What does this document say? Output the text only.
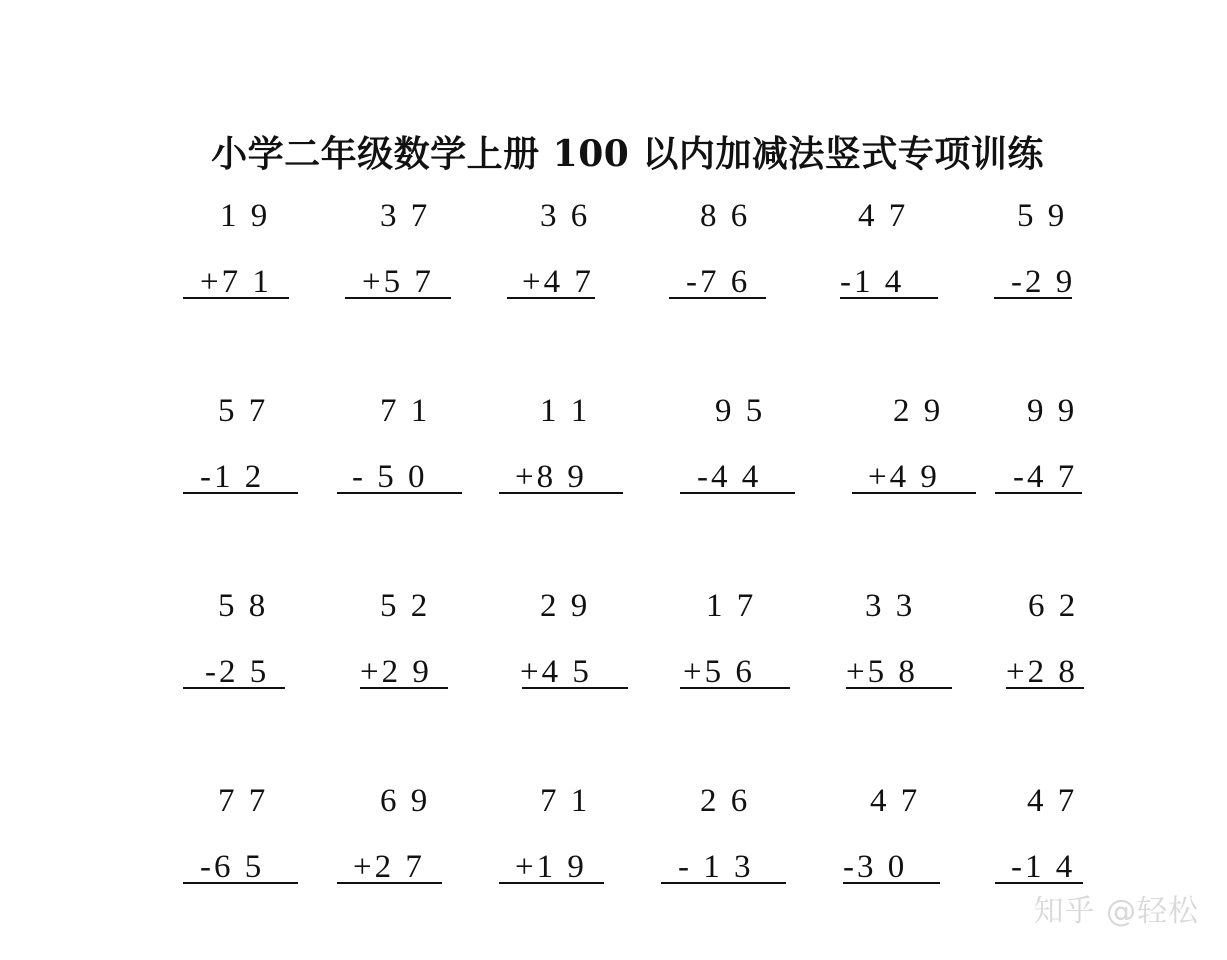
小学二年级数学上册 100 以内加减法竖式专项训练
1 9
+7 1
3 7
+5 7
3 6
+4 7
8 6
-7 6
4 7
-1 4
5 9
-2 9
5 7
-1 2
7 1
- 5 0
1 1
+8 9
9 5
-4 4
2 9
+4 9
9 9
-4 7
5 8
-2 5
5 2
+2 9
2 9
+4 5
1 7
+5 6
3 3
+5 8
6 2
+2 8
7 7
-6 5
6 9
+2 7
7 1
+1 9
2 6
- 1 3
4 7
-3 0
4 7
-1 4
知乎 @轻松
